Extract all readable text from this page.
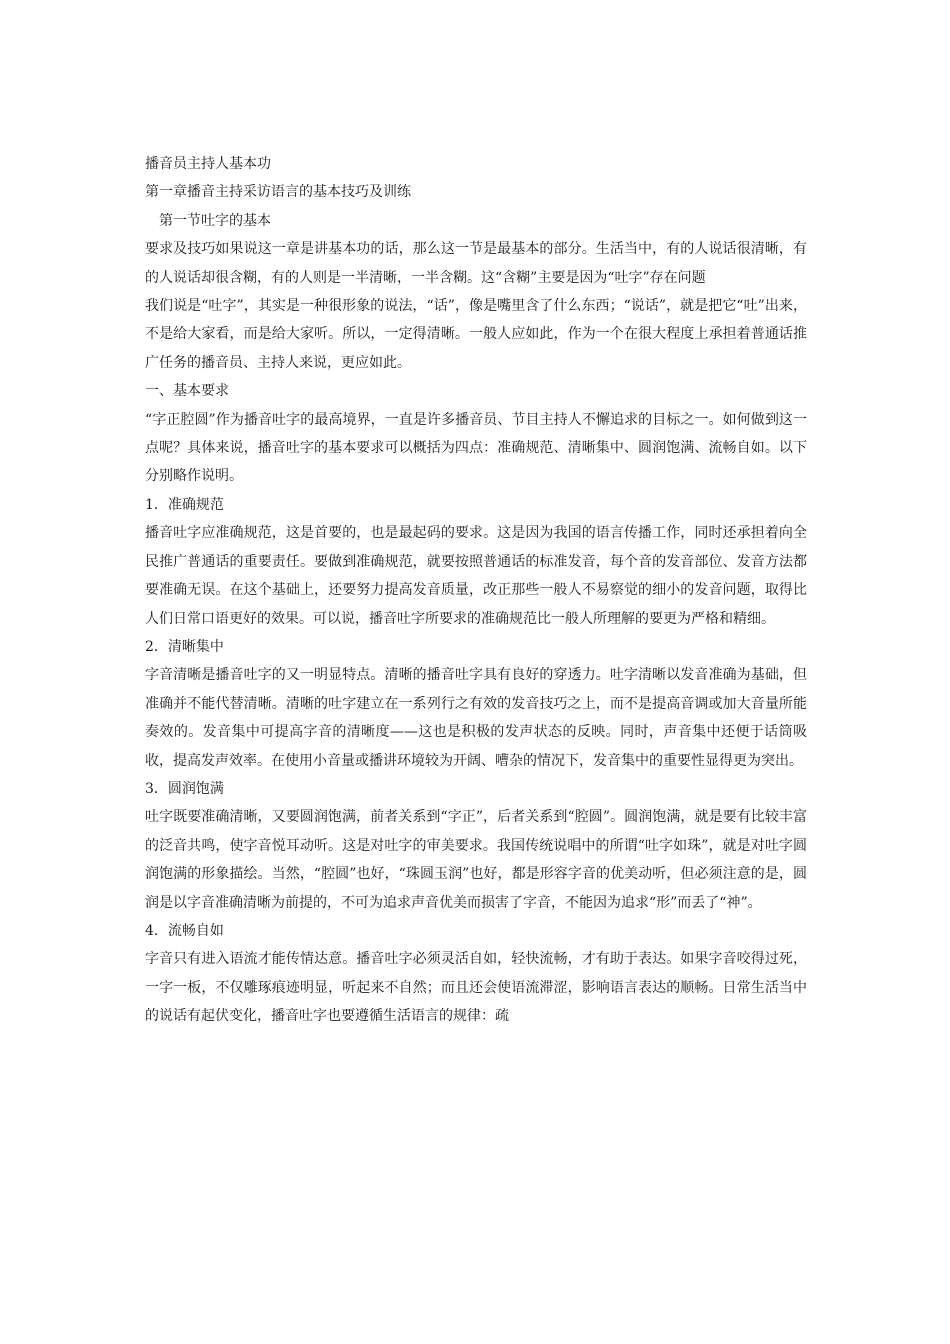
播音员主持人基本功

第一章播音主持采访语言的基本技巧及训练

第一节吐字的基本

要求及技巧如果说这一章是讲基本功的话，那么这一节是最基本的部分。生活当中，有的人说话很清晰，有的人说话却很含糊，有的人则是一半清晰，一半含糊。这“含糊”主要是因为“吐字”存在问题

我们说是“吐字”，其实是一种很形象的说法，“话”，像是嘴里含了什么东西；“说话”，就是把它“吐”出来，不是给大家看，而是给大家听。所以，一定得清晰。一般人应如此，作为一个在很大程度上承担着普通话推广任务的播音员、主持人来说，更应如此。

一、基本要求

“字正腔圆”作为播音吐字的最高境界，一直是许多播音员、节目主持人不懈追求的目标之一。如何做到这一点呢？具体来说，播音吐字的基本要求可以概括为四点：准确规范、清晰集中、圆润饱满、流畅自如。以下分别略作说明。

1．准确规范

播音吐字应准确规范，这是首要的，也是最起码的要求。这是因为我国的语言传播工作，同时还承担着向全民推广普通话的重要责任。要做到准确规范，就要按照普通话的标准发音，每个音的发音部位、发音方法都要准确无误。在这个基础上，还要努力提高发音质量，改正那些一般人不易察觉的细小的发音问题，取得比人们日常口语更好的效果。可以说，播音吐字所要求的准确规范比一般人所理解的要更为严格和精细。

2．清晰集中

字音清晰是播音吐字的又一明显特点。清晰的播音吐字具有良好的穿透力。吐字清晰以发音准确为基础，但准确并不能代替清晰。清晰的吐字建立在一系列行之有效的发音技巧之上，而不是提高音调或加大音量所能奏效的。发音集中可提高字音的清晰度——这也是积极的发声状态的反映。同时，声音集中还便于话筒吸收，提高发声效率。在使用小音量或播讲环境较为开阔、嘈杂的情况下，发音集中的重要性显得更为突出。

3．圆润饱满

吐字既要准确清晰，又要圆润饱满，前者关系到“字正”，后者关系到“腔圆”。圆润饱满，就是要有比较丰富的泛音共鸣，使字音悦耳动听。这是对吐字的审美要求。我国传统说唱中的所谓“吐字如珠”，就是对吐字圆润饱满的形象描绘。当然，“腔圆”也好，“珠圆玉润”也好，都是形容字音的优美动听，但必须注意的是，圆润是以字音准确清晰为前提的，不可为追求声音优美而损害了字音，不能因为追求“形”而丢了“神”。

4．流畅自如

字音只有进入语流才能传情达意。播音吐字必须灵活自如，轻快流畅，才有助于表达。如果字音咬得过死，一字一板，不仅雕琢痕迹明显，听起来不自然；而且还会使语流滞涩，影响语言表达的顺畅。日常生活当中的说话有起伏变化，播音吐字也要遵循生活语言的规律：疏
